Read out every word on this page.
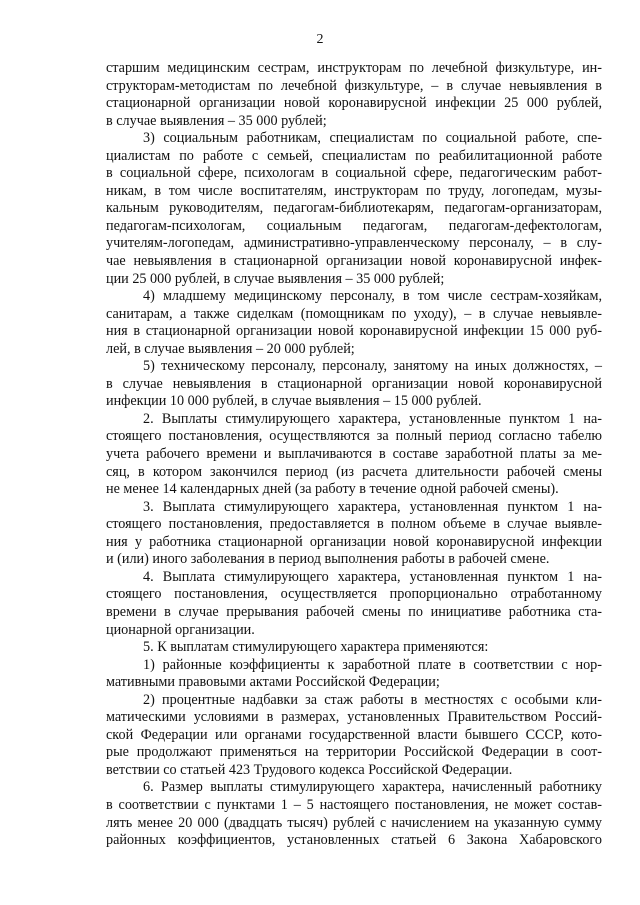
2
старшим медицинским сестрам, инструкторам по лечебной физкультуре, ин-
структорам-методистам по лечебной физкультуре, – в случае невыявления в
стационарной организации новой коронавирусной инфекции 25 000 рублей,
в случае выявления – 35 000 рублей;
3) социальным работникам, специалистам по социальной работе, спе-
циалистам по работе с семьей, специалистам по реабилитационной работе
в социальной сфере, психологам в социальной сфере, педагогическим работ-
никам, в том числе воспитателям, инструкторам по труду, логопедам, музы-
кальным руководителям, педагогам-библиотекарям, педагогам-организаторам,
педагогам-психологам, социальным педагогам, педагогам-дефектологам,
учителям-логопедам, административно-управленческому персоналу, – в слу-
чае невыявления в стационарной организации новой коронавирусной инфек-
ции 25 000 рублей, в случае выявления – 35 000 рублей;
4) младшему медицинскому персоналу, в том числе сестрам-хозяйкам,
санитарам, а также сиделкам (помощникам по уходу), – в случае невыявле-
ния в стационарной организации новой коронавирусной инфекции 15 000 руб-
лей, в случае выявления – 20 000 рублей;
5) техническому персоналу, персоналу, занятому на иных должностях, –
в случае невыявления в стационарной организации новой коронавирусной
инфекции 10 000 рублей, в случае выявления – 15 000 рублей.
2. Выплаты стимулирующего характера, установленные пунктом 1 на-
стоящего постановления, осуществляются за полный период согласно табелю
учета рабочего времени и выплачиваются в составе заработной платы за ме-
сяц, в котором закончился период (из расчета длительности рабочей смены
не менее 14 календарных дней (за работу в течение одной рабочей смены).
3. Выплата стимулирующего характера, установленная пунктом 1 на-
стоящего постановления, предоставляется в полном объеме в случае выявле-
ния у работника стационарной организации новой коронавирусной инфекции
и (или) иного заболевания в период выполнения работы в рабочей смене.
4. Выплата стимулирующего характера, установленная пунктом 1 на-
стоящего постановления, осуществляется пропорционально отработанному
времени в случае прерывания рабочей смены по инициативе работника ста-
ционарной организации.
5. К выплатам стимулирующего характера применяются:
1) районные коэффициенты к заработной плате в соответствии с нор-
мативными правовыми актами Российской Федерации;
2) процентные надбавки за стаж работы в местностях с особыми кли-
матическими условиями в размерах, установленных Правительством Россий-
ской Федерации или органами государственной власти бывшего СССР, кото-
рые продолжают применяться на территории Российской Федерации в соот-
ветствии со статьей 423 Трудового кодекса Российской Федерации.
6. Размер выплаты стимулирующего характера, начисленный работнику
в соответствии с пунктами 1 – 5 настоящего постановления, не может состав-
лять менее 20 000 (двадцать тысяч) рублей с начислением на указанную сумму
районных коэффициентов, установленных статьей 6 Закона Хабаровского
